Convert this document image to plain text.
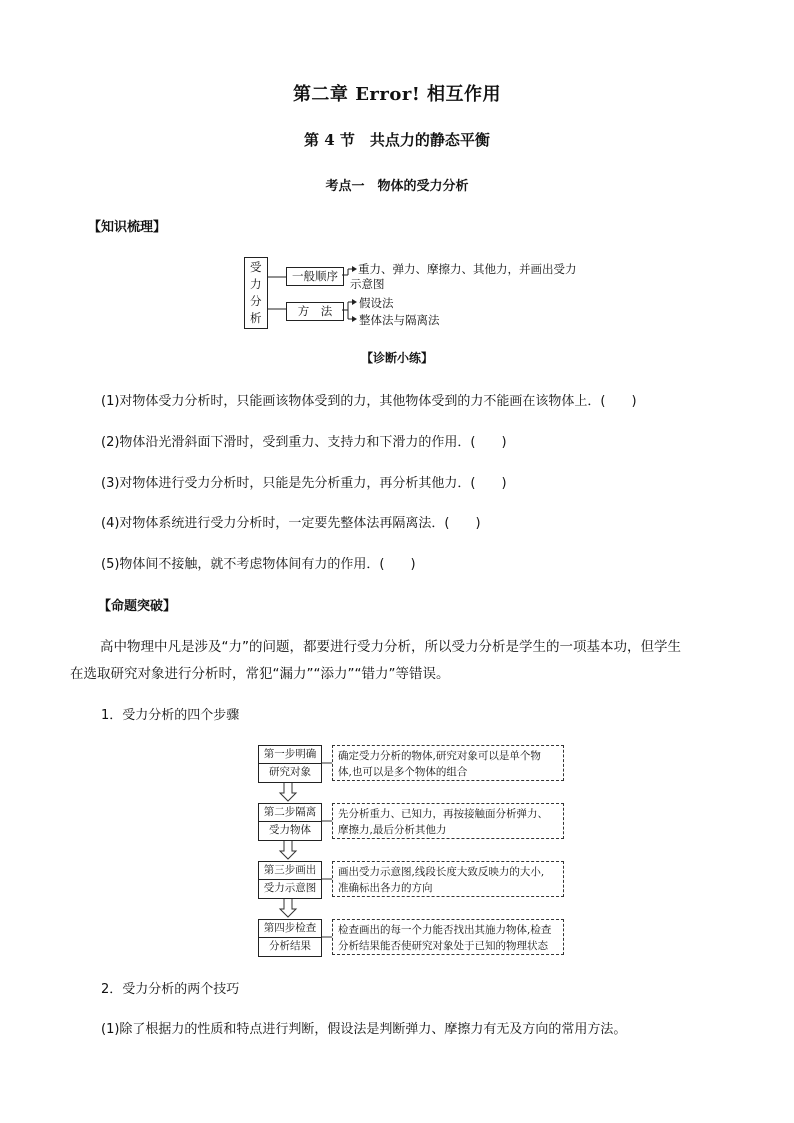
第二章 Error! 相互作用
第 4 节　共点力的静态平衡
考点一　物体的受力分析
【知识梳理】
受
力
分
析
一般顺序
方　法
重力、弹力、摩擦力、其他力，并画出受力
示意图
假设法
整体法与隔离法
【诊断小练】
(1)对物体受力分析时，只能画该物体受到的力，其他物体受到的力不能画在该物体上．(　　)
(2)物体沿光滑斜面下滑时，受到重力、支持力和下滑力的作用．(　　)
(3)对物体进行受力分析时，只能是先分析重力，再分析其他力．(　　)
(4)对物体系统进行受力分析时，一定要先整体法再隔离法．(　　)
(5)物体间不接触，就不考虑物体间有力的作用．(　　)
【命题突破】
高中物理中凡是涉及“力”的问题，都要进行受力分析，所以受力分析是学生的一项基本功，但学生
在选取研究对象进行分析时，常犯“漏力”“添力”“错力”等错误。
1．受力分析的四个步骤
第一步明确
研究对象
确定受力分析的物体,研究对象可以是单个物
体,也可以是多个物体的组合
第二步隔离
受力物体
先分析重力、已知力，再按接触面分析弹力、
摩擦力,最后分析其他力
第三步画出
受力示意图
画出受力示意图,线段长度大致反映力的大小,
准确标出各力的方向
第四步检查
分析结果
检查画出的每一个力能否找出其施力物体,检查
分析结果能否使研究对象处于已知的物理状态
2．受力分析的两个技巧
(1)除了根据力的性质和特点进行判断，假设法是判断弹力、摩擦力有无及方向的常用方法。
